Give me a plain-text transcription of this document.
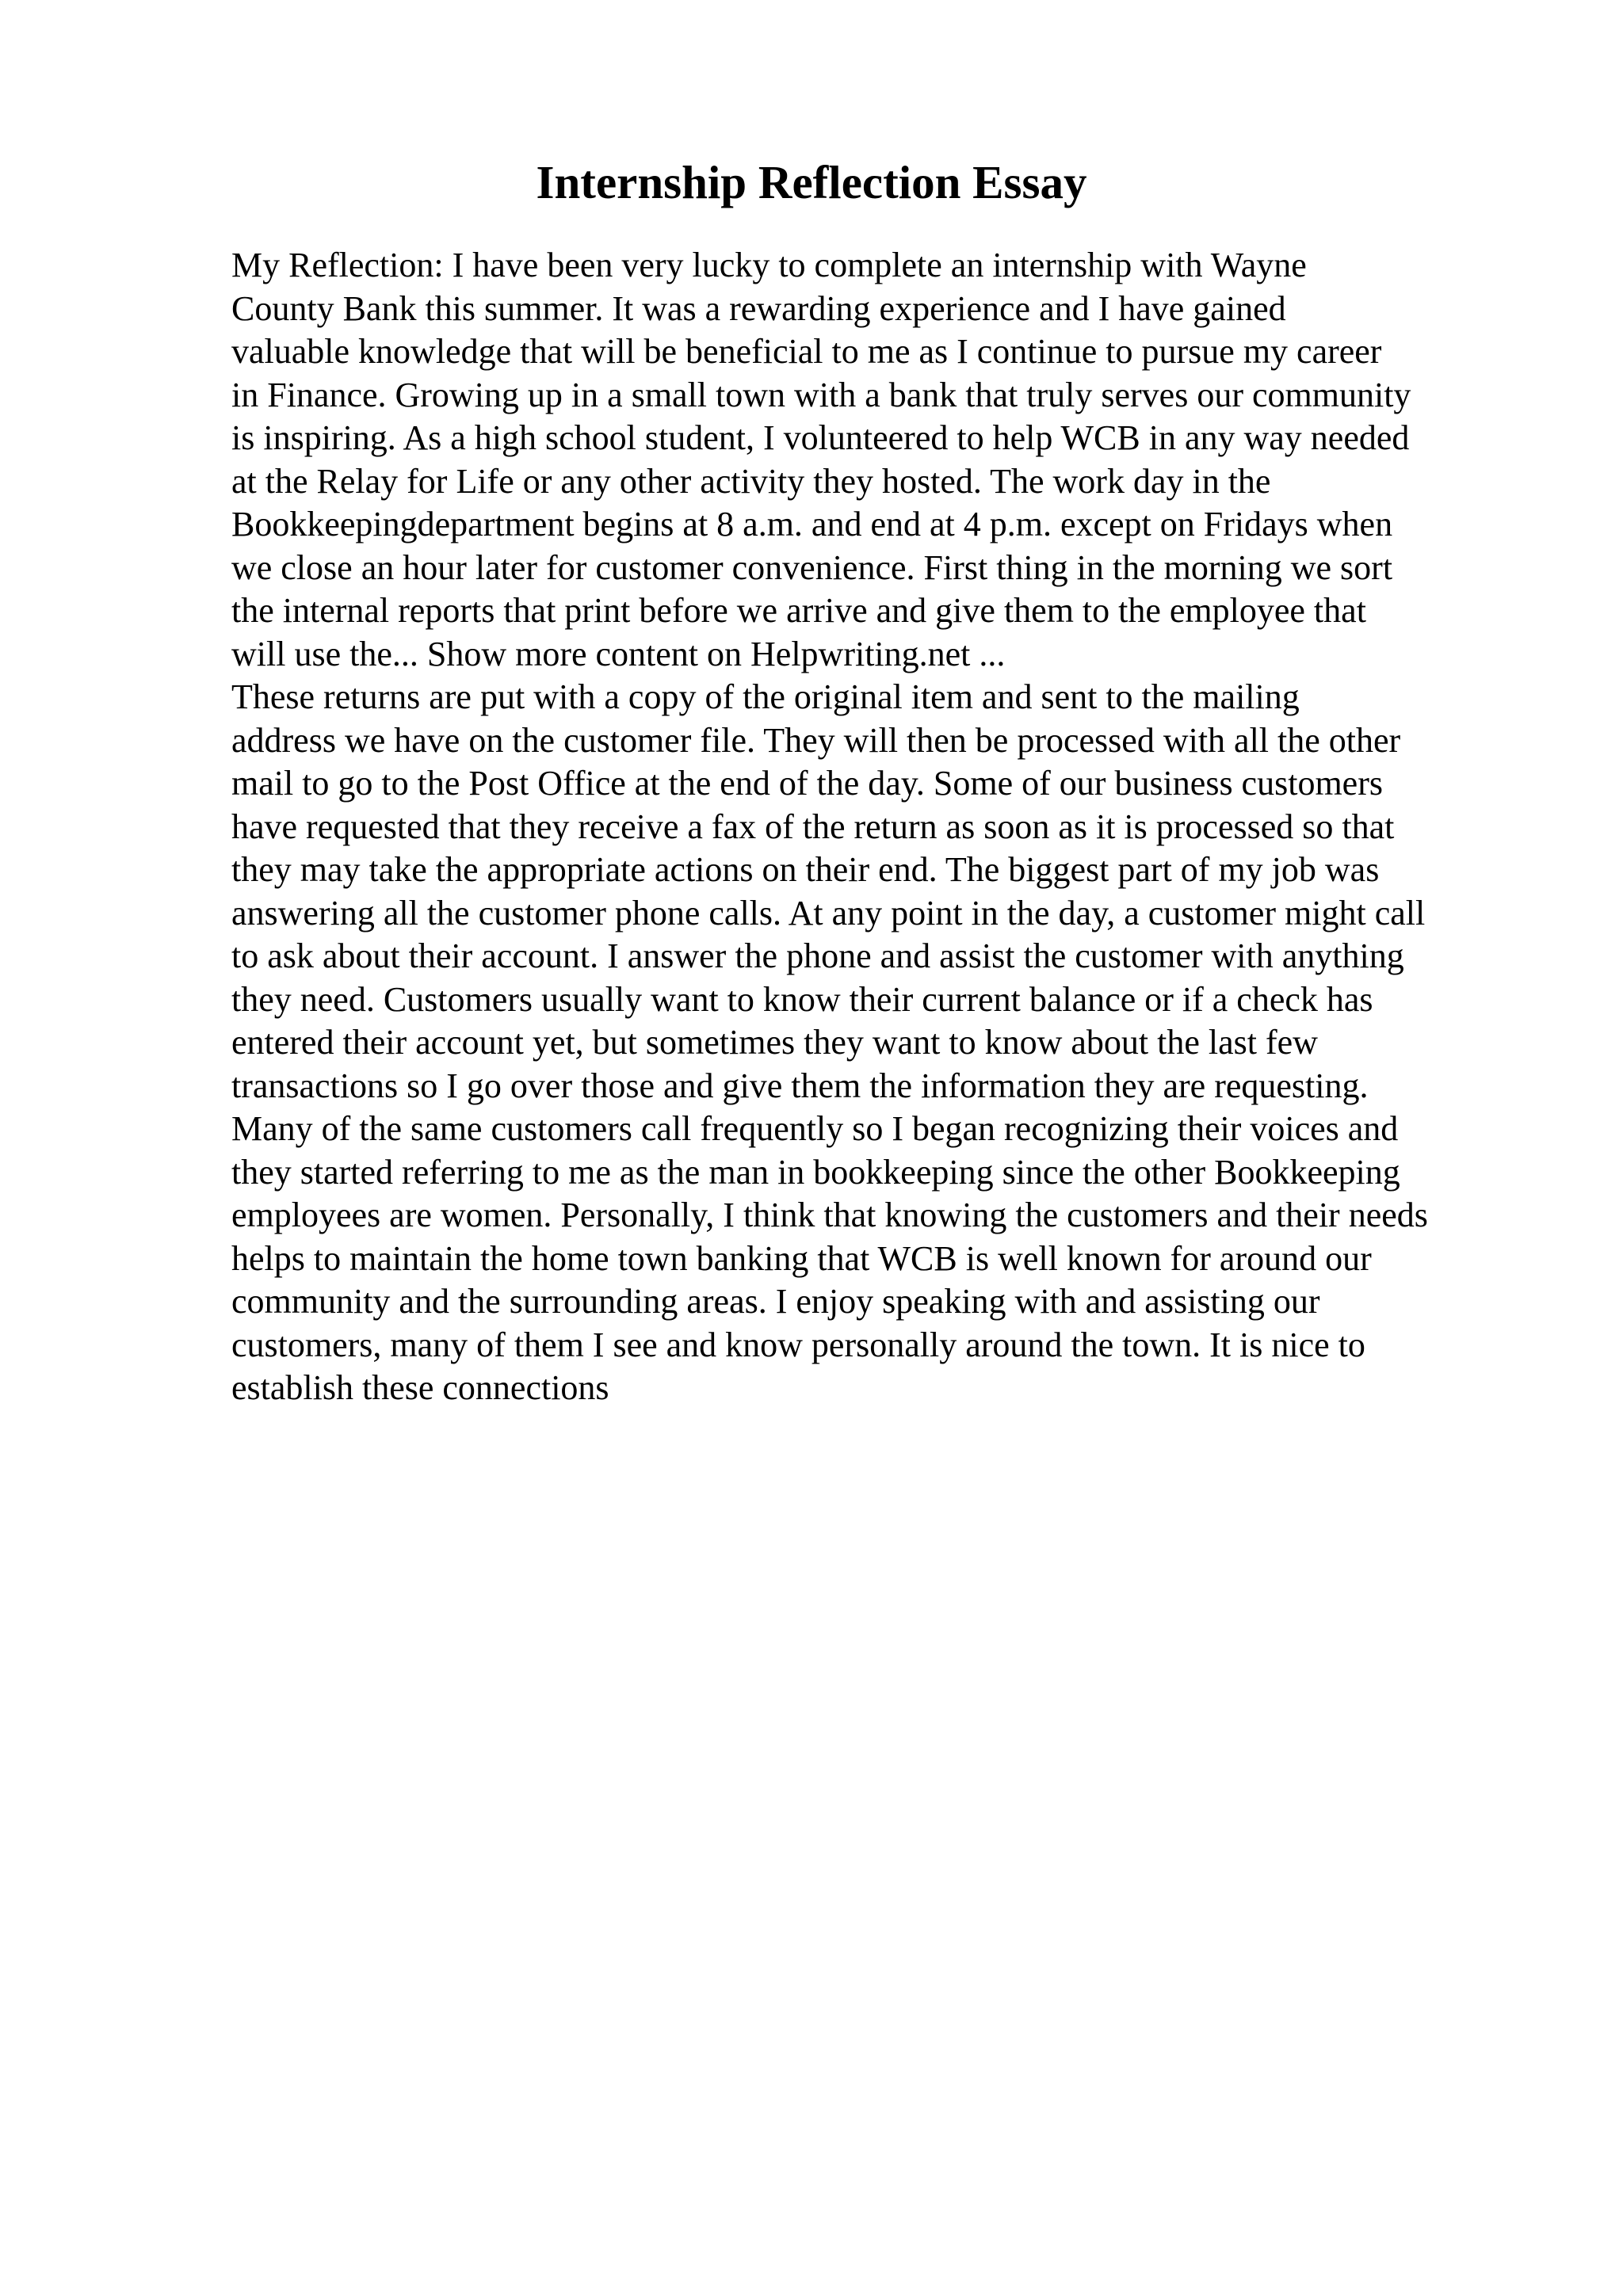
Internship Reflection Essay
My Reflection: I have been very lucky to complete an internship with Wayne
County Bank this summer. It was a rewarding experience and I have gained
valuable knowledge that will be beneficial to me as I continue to pursue my career
in Finance. Growing up in a small town with a bank that truly serves our community
is inspiring. As a high school student, I volunteered to help WCB in any way needed
at the Relay for Life or any other activity they hosted. The work day in the
Bookkeepingdepartment begins at 8 a.m. and end at 4 p.m. except on Fridays when
we close an hour later for customer convenience. First thing in the morning we sort
the internal reports that print before we arrive and give them to the employee that
will use the... Show more content on Helpwriting.net ...
These returns are put with a copy of the original item and sent to the mailing
address we have on the customer file. They will then be processed with all the other
mail to go to the Post Office at the end of the day. Some of our business customers
have requested that they receive a fax of the return as soon as it is processed so that
they may take the appropriate actions on their end. The biggest part of my job was
answering all the customer phone calls. At any point in the day, a customer might call
to ask about their account. I answer the phone and assist the customer with anything
they need. Customers usually want to know their current balance or if a check has
entered their account yet, but sometimes they want to know about the last few
transactions so I go over those and give them the information they are requesting.
Many of the same customers call frequently so I began recognizing their voices and
they started referring to me as the man in bookkeeping since the other Bookkeeping
employees are women. Personally, I think that knowing the customers and their needs
helps to maintain the home town banking that WCB is well known for around our
community and the surrounding areas. I enjoy speaking with and assisting our
customers, many of them I see and know personally around the town. It is nice to
establish these connections
